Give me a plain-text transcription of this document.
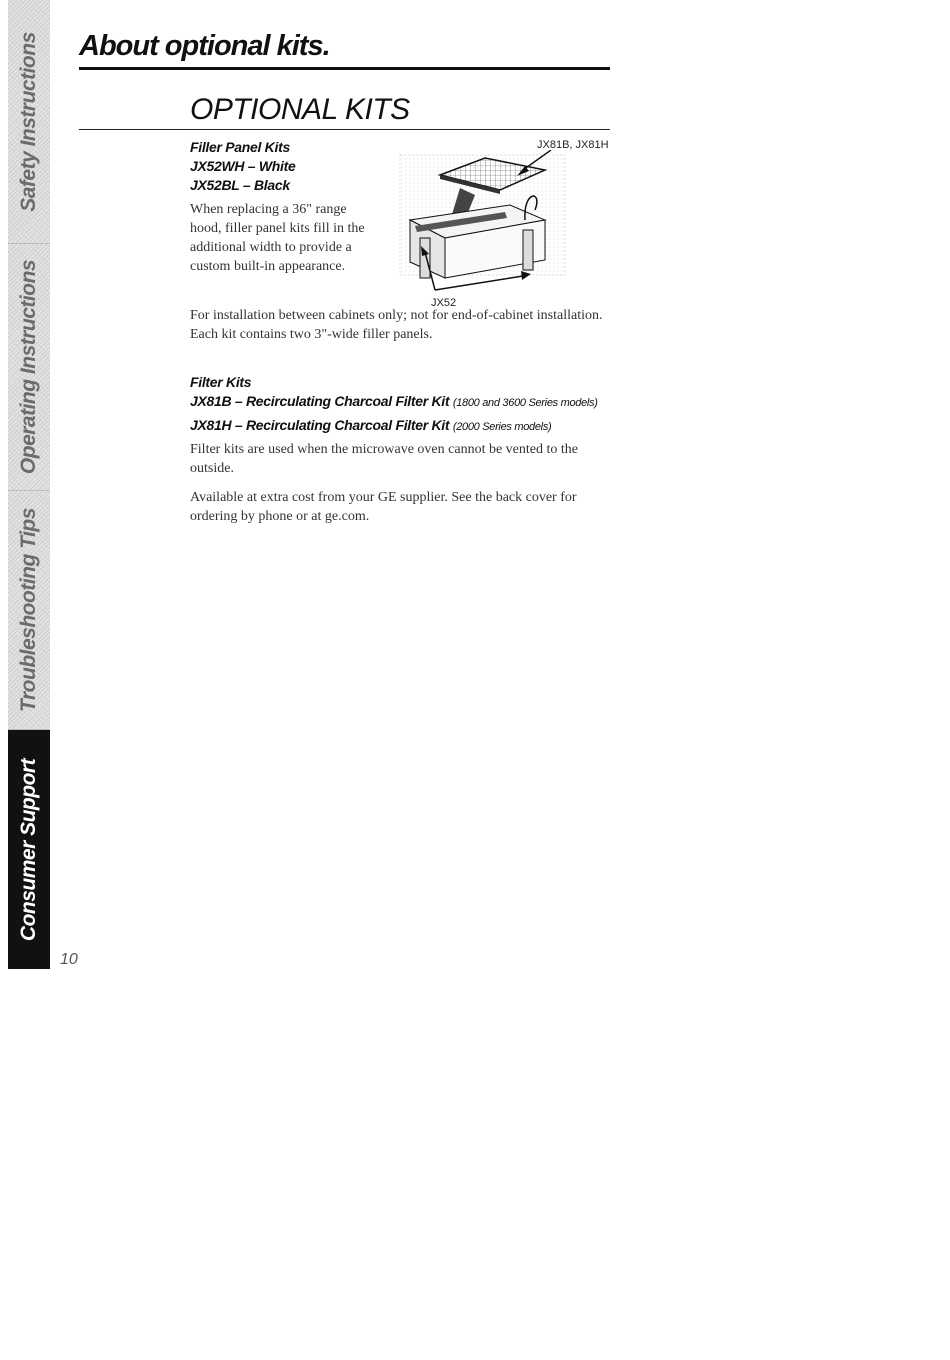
Safety Instructions
Operating Instructions
Troubleshooting Tips
Consumer Support
About optional kits.
OPTIONAL KITS

Filler Panel Kits

JX52WH – White

JX52BL – Black

When replacing a 36" range hood, filler panel kits fill in the additional width to provide a custom built-in appearance.

For installation between cabinets only; not for end-of-cabinet installation. Each kit contains two 3"-wide filler panels.

JX81B, JX81H
JX52

Filter Kits

JX81B – Recirculating Charcoal Filter Kit (1800 and 3600 Series models)

JX81H – Recirculating Charcoal Filter Kit (2000 Series models)

Filter kits are used when the microwave oven cannot be vented to the outside.

Available at extra cost from your GE supplier. See the back cover for ordering by phone or at ge.com.

10
